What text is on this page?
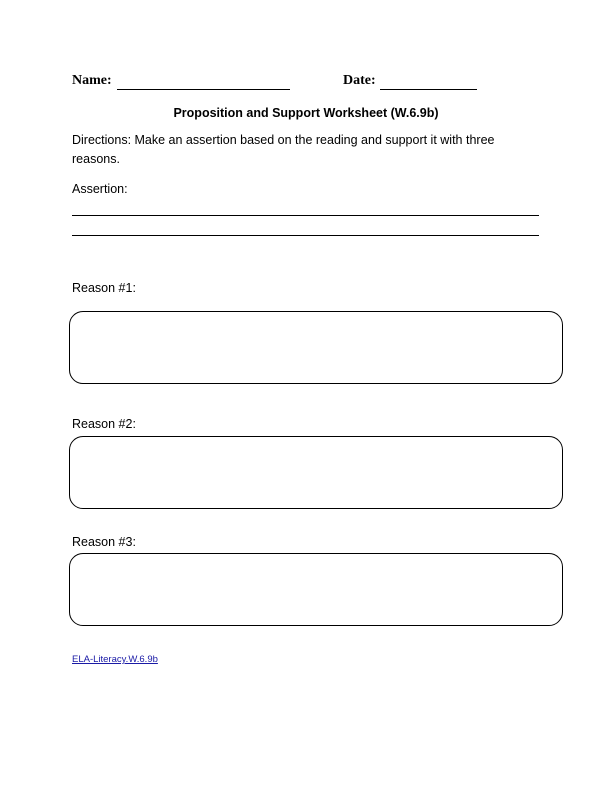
Name:	Date:
Proposition and Support Worksheet (W.6.9b)
Directions: Make an assertion based on the reading and support it with three
reasons.
Assertion:
Reason #1:
Reason #2:
Reason #3:
ELA-Literacy.W.6.9b
